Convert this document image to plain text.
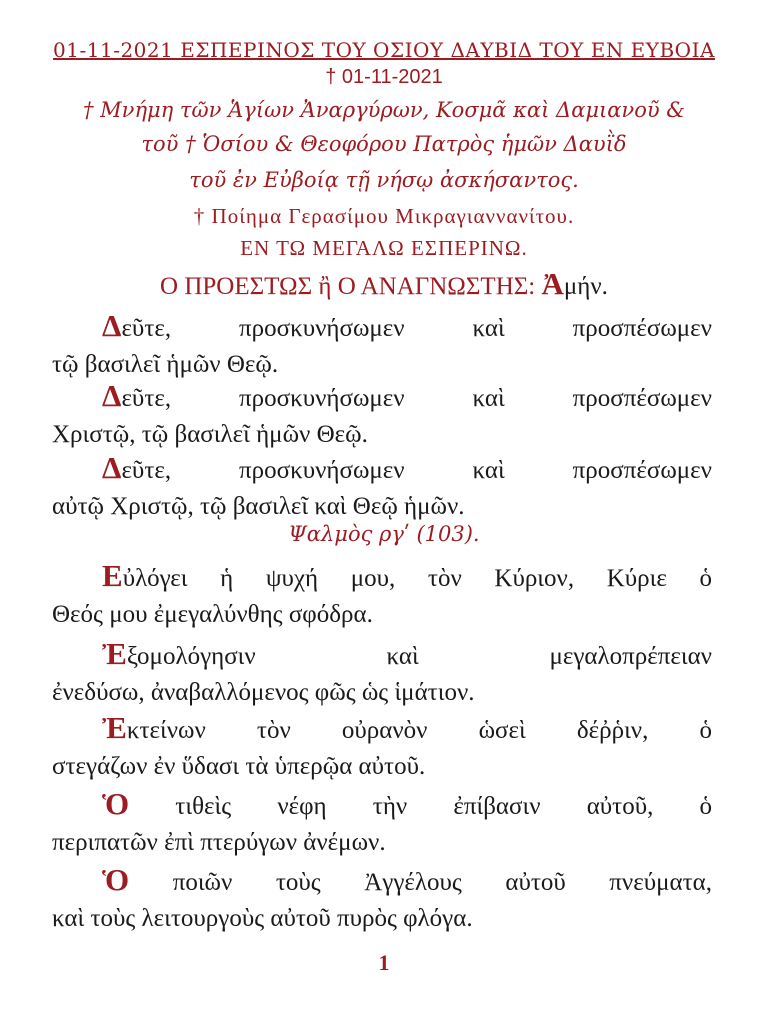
01-11-2021 ΕΣΠΕΡΙΝΟΣ ΤΟΥ ΟΣΙΟΥ ΔΑΥΒΙΔ ΤΟΥ ΕΝ ΕΥΒΟΙΑ
† 01-11-2021
† Μνήμη τῶν Ἁγίων Ἀναργύρων, Κοσμᾶ καὶ Δαμιανοῦ &
τοῦ † Ὁσίου & Θεοφόρου Πατρὸς ἡμῶν Δαυῒδ
τοῦ ἐν Εὐβοίᾳ τῇ νήσῳ ἀσκήσαντος.
† Ποίημα Γερασίμου Μικραγιαννανίτου.
ΕΝ ΤΩ ΜΕΓΑΛΩ ΕΣΠΕΡΙΝΩ.
Ο ΠΡΟΕΣΤΩΣ ἢ Ο ΑΝΑΓΝΩΣΤΗΣ: Ἀμήν.
Δεῦτε, προσκυνήσωμεν καὶ προσπέσωμεν
τῷ βασιλεῖ ἡμῶν Θεῷ.
Δεῦτε, προσκυνήσωμεν καὶ προσπέσωμεν
Χριστῷ, τῷ βασιλεῖ ἡμῶν Θεῷ.
Δεῦτε, προσκυνήσωμεν καὶ προσπέσωμεν
αὐτῷ Χριστῷ, τῷ βασιλεῖ καὶ Θεῷ ἡμῶν.
Ψαλμὸς ργʹ (103).
Εὐλόγει ἡ ψυχή μου, τὸν Κύριον, Κύριε ὁ
Θεός μου ἐμεγαλύνθης σφόδρα.
Ἐξομολόγησιν καὶ μεγαλοπρέπειαν
ἐνεδύσω, ἀναβαλλόμενος φῶς ὡς ἱμάτιον.
Ἐκτείνων τὸν οὐρανὸν ὡσεὶ δέῤῥιν, ὁ
στεγάζων ἐν ὕδασι τὰ ὑπερῷα αὐτοῦ.
Ὁ τιθεὶς νέφη τὴν ἐπίβασιν αὐτοῦ, ὁ
περιπατῶν ἐπὶ πτερύγων ἀνέμων.
Ὁ ποιῶν τοὺς Ἀγγέλους αὐτοῦ πνεύματα,
καὶ τοὺς λειτουργοὺς αὐτοῦ πυρὸς φλόγα.
1
